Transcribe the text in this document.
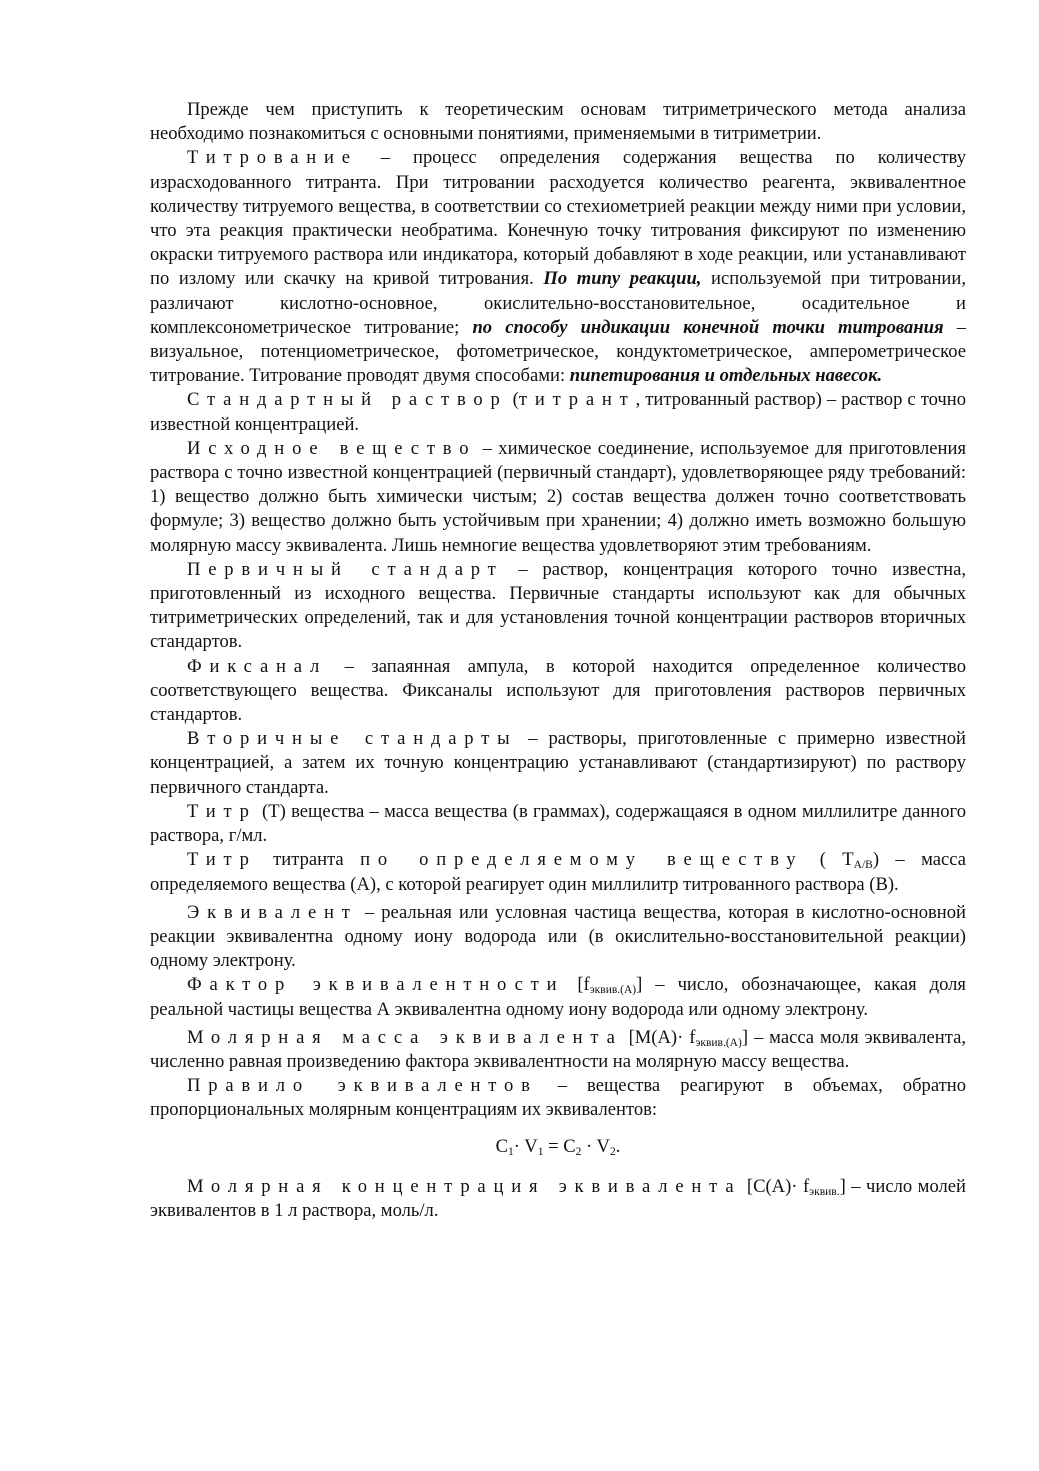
Прежде чем приступить к теоретическим основам титриметрического метода анализа необходимо познакомиться с основными понятиями, применяемыми в титриметрии.

Титрование – процесс определения содержания вещества по количеству израсходованного титранта. При титровании расходуется количество реагента, эквивалентное количеству титруемого вещества, в соответствии со стехиометрией реакции между ними при условии, что эта реакция практически необратима. Конечную точку титрования фиксируют по изменению окраски титруемого раствора или индикатора, который добавляют в ходе реакции, или устанавливают по излому или скачку на кривой титрования. По типу реакции, используемой при титровании, различают кислотно-основное, окислительно-восстановительное, осадительное и комплексонометрическое титрование; по способу индикации конечной точки титрования – визуальное, потенциометрическое, фотометрическое, кондуктометрическое, амперометрическое титрование. Титрование проводят двумя способами: пипетирования и отдельных навесок.

Стандартный раствор (титрант, титрованный раствор) – раствор с точно известной концентрацией.

Исходное вещество – химическое соединение, используемое для приготовления раствора с точно известной концентрацией (первичный стандарт), удовлетворяющее ряду требований: 1) вещество должно быть химически чистым; 2) состав вещества должен точно соответствовать формуле; 3) вещество должно быть устойчивым при хранении; 4) должно иметь возможно большую молярную массу эквивалента. Лишь немногие вещества удовлетворяют этим требованиям.

Первичный стандарт – раствор, концентрация которого точно известна, приготовленный из исходного вещества. Первичные стандарты используют как для обычных титриметрических определений, так и для установления точной концентрации растворов вторичных стандартов.

Фиксанал – запаянная ампула, в которой находится определенное количество соответствующего вещества. Фиксаналы используют для приготовления растворов первичных стандартов.

Вторичные стандарты – растворы, приготовленные с примерно известной концентрацией, а затем их точную концентрацию устанавливают (стандартизируют) по раствору первичного стандарта.

Титр (Т) вещества – масса вещества (в граммах), содержащаяся в одном миллилитре данного раствора, г/мл.

Титр титранта по определяемому веществу ( $T_{A/B}$) – масса определяемого вещества (А), с которой реагирует один миллилитр титрованного раствора (В).

Эквивалент – реальная или условная частица вещества, которая в кислотно-основной реакции эквивалентна одному иону водорода или (в окислительно-восстановительной реакции) одному электрону.

Фактор эквивалентности $[f_{эквив.(А)}]$ – число, обозначающее, какая доля реальной частицы вещества А эквивалентна одному иону водорода или одному электрону.

Молярная масса эквивалента $[М(А)\cdot f_{эквив.(А)}]$ – масса моля эквивалента, численно равная произведению фактора эквивалентности на молярную массу вещества.

Правило эквивалентов – вещества реагируют в объемах, обратно пропорциональных молярным концентрациям их эквивалентов:

$C_1\cdot V_1 = C_2 \cdot V_2$.

Молярная концентрация эквивалента $[С(А)\cdot f_{эквив.}]$ – число молей эквивалентов в 1 л раствора, моль/л.
